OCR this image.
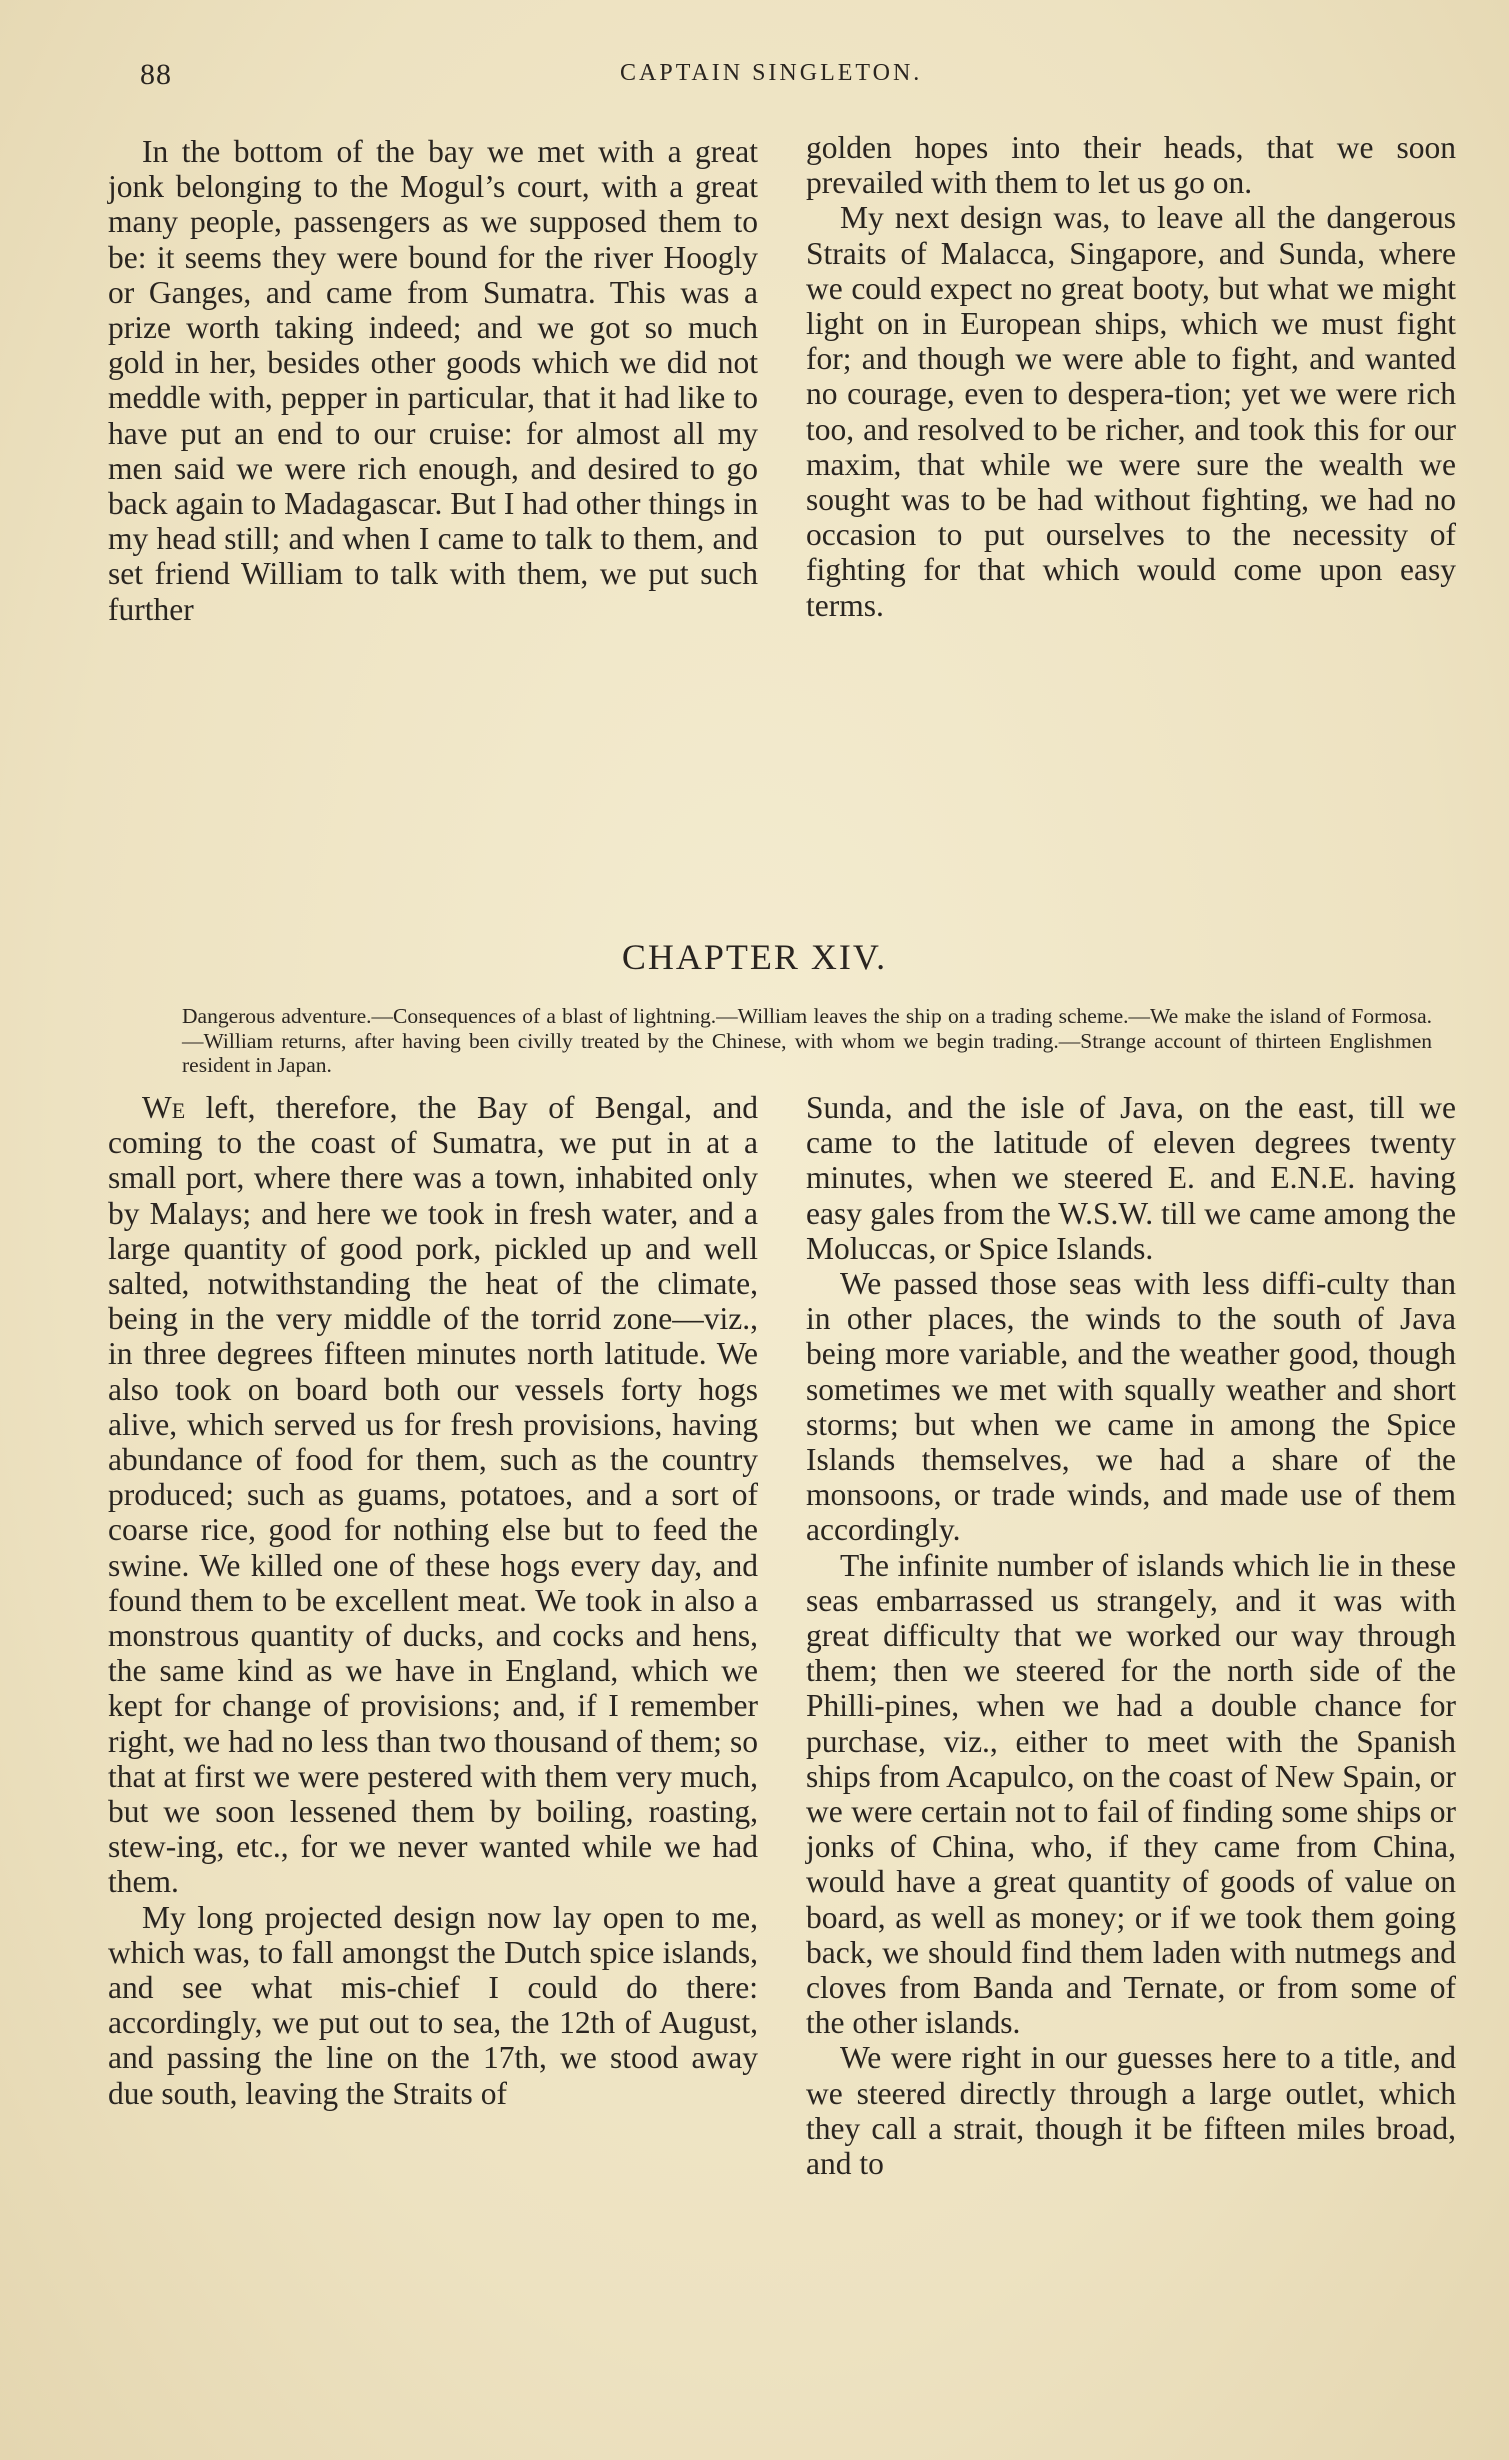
88	CAPTAIN SINGLETON.

In the bottom of the bay we met with a great jonk belonging to the Mogul’s court, with a great many people, passengers as we supposed them to be: it seems they were bound for the river Hoogly or Ganges, and came from Sumatra. This was a prize worth taking indeed; and we got so much gold in her, besides other goods which we did not meddle with, pepper in particular, that it had like to have put an end to our cruise: for almost all my men said we were rich enough, and desired to go back again to Madagascar. But I had other things in my head still; and when I came to talk to them, and set friend William to talk with them, we put such further

golden hopes into their heads, that we soon prevailed with them to let us go on.

My next design was, to leave all the dangerous Straits of Malacca, Singapore, and Sunda, where we could expect no great booty, but what we might light on in European ships, which we must fight for; and though we were able to fight, and wanted no courage, even to despera-tion; yet we were rich too, and resolved to be richer, and took this for our maxim, that while we were sure the wealth we sought was to be had without fighting, we had no occasion to put ourselves to the necessity of fighting for that which would come upon easy terms.

CHAPTER XIV.
Dangerous adventure.—Consequences of a blast of lightning.—William leaves the ship on a trading scheme.—We make the island of Formosa.—William returns, after having been civilly treated by the Chinese, with whom we begin trading.—Strange account of thirteen Englishmen resident in Japan.

We left, therefore, the Bay of Bengal, and coming to the coast of Sumatra, we put in at a small port, where there was a town, inhabited only by Malays; and here we took in fresh water, and a large quantity of good pork, pickled up and well salted, notwithstanding the heat of the climate, being in the very middle of the torrid zone—viz., in three degrees fifteen minutes north latitude. We also took on board both our vessels forty hogs alive, which served us for fresh provisions, having abundance of food for them, such as the country produced; such as guams, potatoes, and a sort of coarse rice, good for nothing else but to feed the swine. We killed one of these hogs every day, and found them to be excellent meat. We took in also a monstrous quantity of ducks, and cocks and hens, the same kind as we have in England, which we kept for change of provisions; and, if I remember right, we had no less than two thousand of them; so that at first we were pestered with them very much, but we soon lessened them by boiling, roasting, stew-ing, etc., for we never wanted while we had them.

My long projected design now lay open to me, which was, to fall amongst the Dutch spice islands, and see what mis-chief I could do there: accordingly, we put out to sea, the 12th of August, and passing the line on the 17th, we stood away due south, leaving the Straits of

Sunda, and the isle of Java, on the east, till we came to the latitude of eleven degrees twenty minutes, when we steered E. and E.N.E. having easy gales from the W.S.W. till we came among the Moluccas, or Spice Islands.

We passed those seas with less diffi-culty than in other places, the winds to the south of Java being more variable, and the weather good, though sometimes we met with squally weather and short storms; but when we came in among the Spice Islands themselves, we had a share of the monsoons, or trade winds, and made use of them accordingly.

The infinite number of islands which lie in these seas embarrassed us strangely, and it was with great difficulty that we worked our way through them; then we steered for the north side of the Philli-pines, when we had a double chance for purchase, viz., either to meet with the Spanish ships from Acapulco, on the coast of New Spain, or we were certain not to fail of finding some ships or jonks of China, who, if they came from China, would have a great quantity of goods of value on board, as well as money; or if we took them going back, we should find them laden with nutmegs and cloves from Banda and Ternate, or from some of the other islands.

We were right in our guesses here to a title, and we steered directly through a large outlet, which they call a strait, though it be fifteen miles broad, and to
